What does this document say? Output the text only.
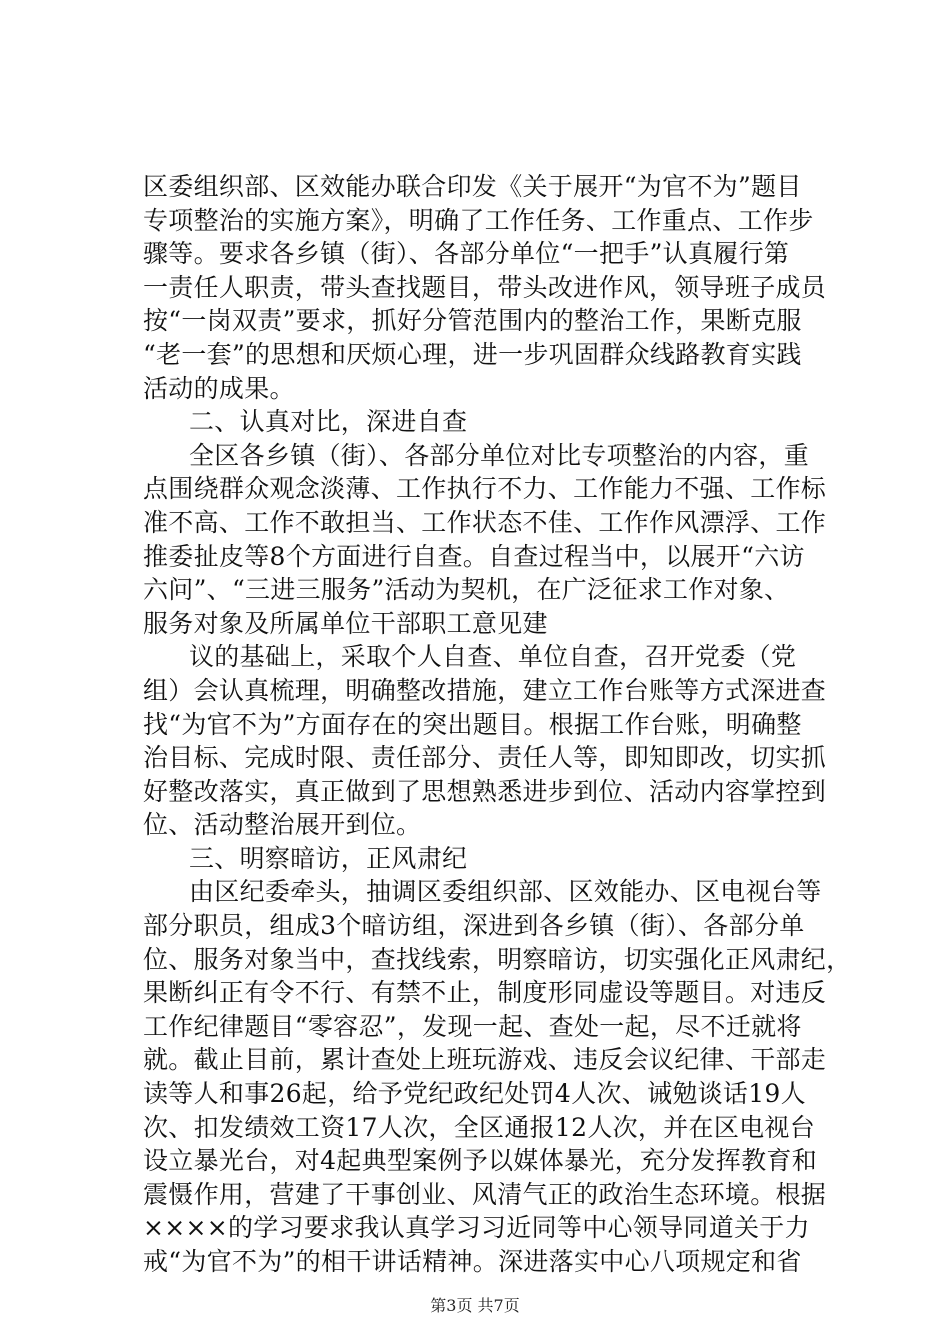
区委组织部、区效能办联合印发《关于展开“为官不为”题目
专项整治的实施方案》，明确了工作任务、工作重点、工作步
骤等。要求各乡镇（街）、各部分单位“一把手”认真履行第
一责任人职责，带头查找题目，带头改进作风，领导班子成员
按“一岗双责”要求，抓好分管范围内的整治工作，果断克服
“老一套”的思想和厌烦心理，进一步巩固群众线路教育实践
活动的成果。
二、认真对比，深进自查
全区各乡镇（街）、各部分单位对比专项整治的内容，重
点围绕群众观念淡薄、工作执行不力、工作能力不强、工作标
准不高、工作不敢担当、工作状态不佳、工作作风漂浮、工作
推委扯皮等8个方面进行自查。自查过程当中，以展开“六访
六问”、“三进三服务”活动为契机，在广泛征求工作对象、
服务对象及所属单位干部职工意见建
议的基础上，采取个人自查、单位自查，召开党委（党
组）会认真梳理，明确整改措施，建立工作台账等方式深进查
找“为官不为”方面存在的突出题目。根据工作台账，明确整
治目标、完成时限、责任部分、责任人等，即知即改，切实抓
好整改落实，真正做到了思想熟悉进步到位、活动内容掌控到
位、活动整治展开到位。
三、明察暗访，正风肃纪
由区纪委牵头，抽调区委组织部、区效能办、区电视台等
部分职员，组成3个暗访组，深进到各乡镇（街）、各部分单
位、服务对象当中，查找线索，明察暗访，切实强化正风肃纪，
果断纠正有令不行、有禁不止，制度形同虚设等题目。对违反
工作纪律题目“零容忍”，发现一起、查处一起，尽不迁就将
就。截止目前，累计查处上班玩游戏、违反会议纪律、干部走
读等人和事26起，给予党纪政纪处罚4人次、诫勉谈话19人
次、扣发绩效工资17人次，全区通报12人次，并在区电视台
设立暴光台，对4起典型案例予以媒体暴光，充分发挥教育和
震慑作用，营建了干事创业、风清气正的政治生态环境。根据
××××的学习要求我认真学习习近同等中心领导同道关于力
戒“为官不为”的相干讲话精神。深进落实中心八项规定和省
第3页 共7页
